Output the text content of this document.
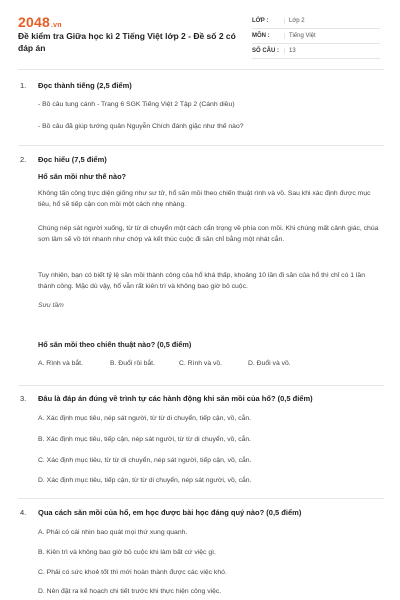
2048.vn
Đề kiểm tra Giữa học kì 2 Tiếng Việt lớp 2 - Đề số 2 có đáp án
LỚP :	Lớp 2
MÔN :	Tiếng Việt
SỐ CÂU :	13
1. Đọc thành tiếng (2,5 điểm)
- Bồ câu tung cánh - Trang 6 SGK Tiếng Việt 2 Tập 2 (Cánh diều)
- Bồ câu đã giúp tướng quân Nguyễn Chích đánh giặc như thế nào?
2. Đọc hiểu (7,5 điểm)
Hổ săn mồi như thế nào?
Không tấn công trực diện giống như sư tử, hổ săn mồi theo chiến thuật rình và vồ. Sau khi xác định được mục tiêu, hổ sẽ tiếp cận con mồi một cách nhẹ nhàng.
Chúng nép sát người xuống, từ từ di chuyển một cách cẩn trọng về phía con mồi. Khi chúng mất cảnh giác, chúa sơn lâm sẽ vồ tới nhanh như chớp và kết thúc cuộc đi săn chỉ bằng một nhát cắn.
Tuy nhiên, bạn có biết tỷ lệ săn mồi thành công của hổ khá thấp, khoảng 10 lần đi săn của hổ thì chỉ có 1 lần thành công. Mặc dù vậy, hổ vẫn rất kiên trì và không bao giờ bỏ cuộc.
Sưu tầm
Hổ săn mồi theo chiến thuật nào? (0,5 điểm)
A. Rình và bắt.	B. Đuổi rồi bắt.	C. Rình và vồ.	D. Đuổi và vồ.
3. Đâu là đáp án đúng về trình tự các hành động khi săn mồi của hổ? (0,5 điểm)
A. Xác định mục tiêu, nép sát người, từ từ di chuyển, tiếp cận, vồ, cắn.
B. Xác định mục tiêu, tiếp cận, nép sát người, từ từ di chuyển, vồ, cắn.
C. Xác định mục tiêu, từ từ di chuyển, nép sát người, tiếp cận, vồ, cắn.
D. Xác định mục tiêu, tiếp cận, từ từ di chuyển, nép sát người, vồ, cắn.
4. Qua cách săn mồi của hổ, em học được bài học đáng quý nào? (0,5 điểm)
A. Phải có cái nhìn bao quát mọi thứ xung quanh.
B. Kiên trì và không bao giờ bỏ cuộc khi làm bất cứ việc gì.
C. Phải có sức khoẻ tốt thì mới hoàn thành được các việc khó.
D. Nên đặt ra kế hoạch chi tiết trước khi thực hiện công việc.
